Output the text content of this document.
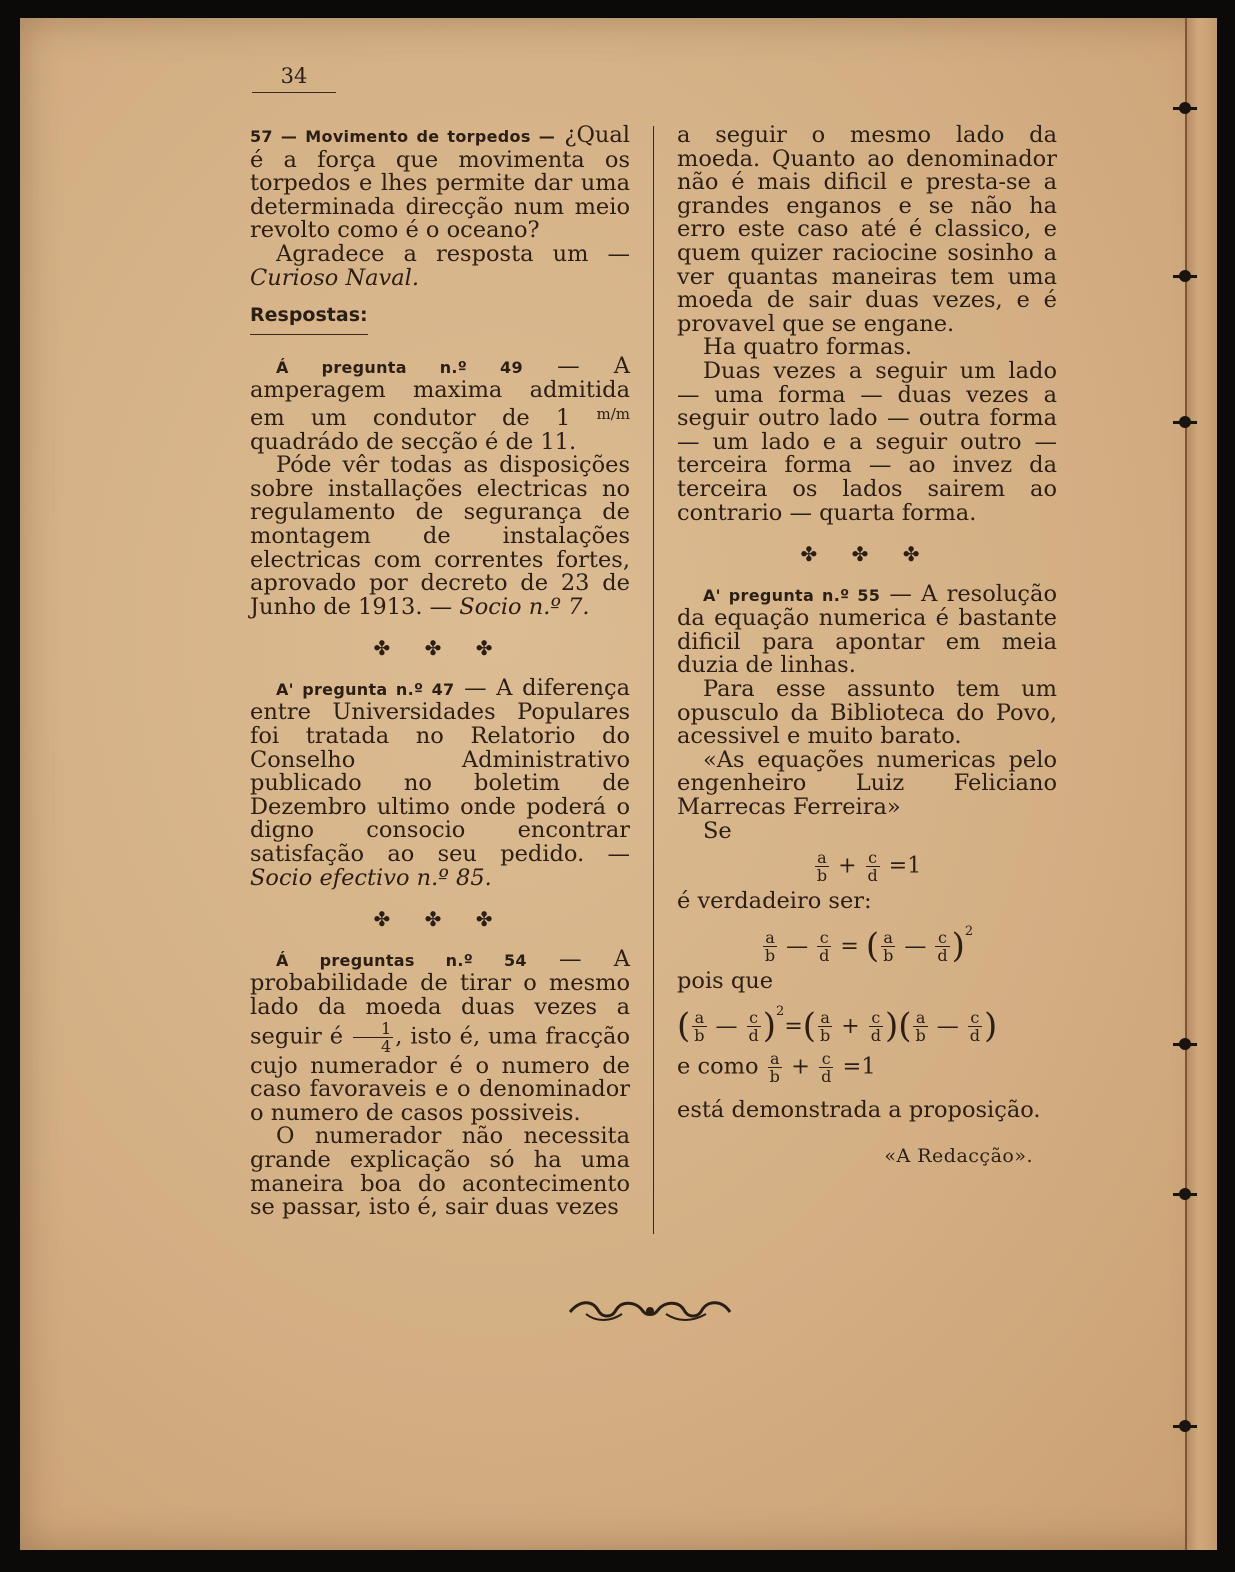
34

57 — Movimento de torpedos — ¿Qual é a força que movimenta os torpedos e lhes permite dar uma determinada direcção num meio revolto como é o oceano?

Agradece a resposta um — Curioso Naval.

Respostas:

Á pregunta n.º 49 — A amperagem maxima admitida em um condutor de 1 $^{m/m}$ quadrádo de secção é de 11.

Póde vêr todas as disposições sobre installações electricas no regulamento de segurança de montagem de instalações electricas com correntes fortes, aprovado por decreto de 23 de Junho de 1913. — Socio n.º 7.

✤ ✤ ✤

A' pregunta n.º 47 — A diferença entre Universidades Populares foi tratada no Relatorio do Conselho Administrativo publicado no boletim de Dezembro ultimo onde poderá o digno consocio encontrar satisfação ao seu pedido. — Socio efectivo n.º 85.

✤ ✤ ✤

Á preguntas n.º 54 — A probabilidade de tirar o mesmo lado da moeda duas vezes a seguir é $\frac{1}{4}$ , isto é, uma fracção cujo numerador é o numero de caso favoraveis e o denominador o numero de casos possiveis.

O numerador não necessita grande explicação só ha uma maneira boa do acontecimento se passar, isto é, sair duas vezes

a seguir o mesmo lado da moeda. Quanto ao denominador não é mais dificil e presta-se a grandes enganos e se não ha erro este caso até é classico, e quem quizer raciocine sosinho a ver quantas maneiras tem uma moeda de sair duas vezes, e é provavel que se engane.

Ha quatro formas.

Duas vezes a seguir um lado — uma forma — duas vezes a seguir outro lado — outra forma — um lado e a seguir outro — terceira forma — ao invez da terceira os lados sairem ao contrario — quarta forma.

✤ ✤ ✤

A' pregunta n.º 55 — A resolução da equação numerica é bastante dificil para apontar em meia duzia de linhas.

Para esse assunto tem um opusculo da Biblioteca do Povo, acessivel e muito barato.

«As equações numericas pelo engenheiro Luiz Feliciano Marrecas Ferreira»

Se

$\frac{a}{b} + \frac{c}{d} =1$

é verdadeiro ser:

$\frac{a}{b}$ — $\frac{c}{d}$ = ( $\frac{a}{b}$ — $\frac{c}{d} )^2$

pois que

( $\frac{a}{b}$ — $\frac{c}{d} )^2=( \frac{a}{b} + \frac{c}{d}$ )( $\frac{a}{b}$ — $\frac{c}{d}$ )
e como $\frac{a}{b} + \frac{c}{d} =1$

está demonstrada a proposição.

«A Redacção».
